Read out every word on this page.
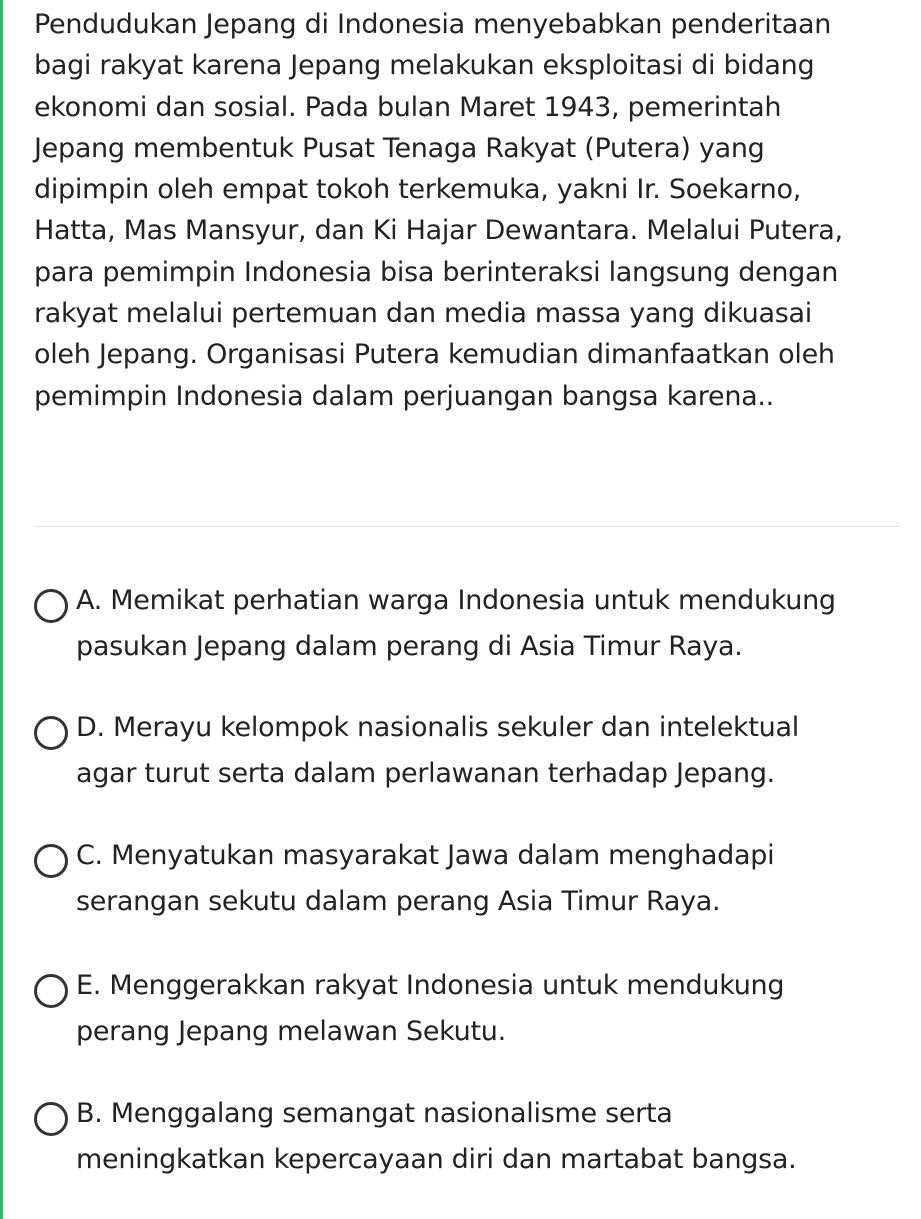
Pendudukan Jepang di Indonesia menyebabkan penderitaan
bagi rakyat karena Jepang melakukan eksploitasi di bidang
ekonomi dan sosial. Pada bulan Maret 1943, pemerintah
Jepang membentuk Pusat Tenaga Rakyat (Putera) yang
dipimpin oleh empat tokoh terkemuka, yakni Ir. Soekarno,
Hatta, Mas Mansyur, dan Ki Hajar Dewantara. Melalui Putera,
para pemimpin Indonesia bisa berinteraksi langsung dengan
rakyat melalui pertemuan dan media massa yang dikuasai
oleh Jepang. Organisasi Putera kemudian dimanfaatkan oleh
pemimpin Indonesia dalam perjuangan bangsa karena..

A. Memikat perhatian warga Indonesia untuk mendukung
pasukan Jepang dalam perang di Asia Timur Raya.
D. Merayu kelompok nasionalis sekuler dan intelektual
agar turut serta dalam perlawanan terhadap Jepang.
C. Menyatukan masyarakat Jawa dalam menghadapi
serangan sekutu dalam perang Asia Timur Raya.
E. Menggerakkan rakyat Indonesia untuk mendukung
perang Jepang melawan Sekutu.
B. Menggalang semangat nasionalisme serta
meningkatkan kepercayaan diri dan martabat bangsa.
